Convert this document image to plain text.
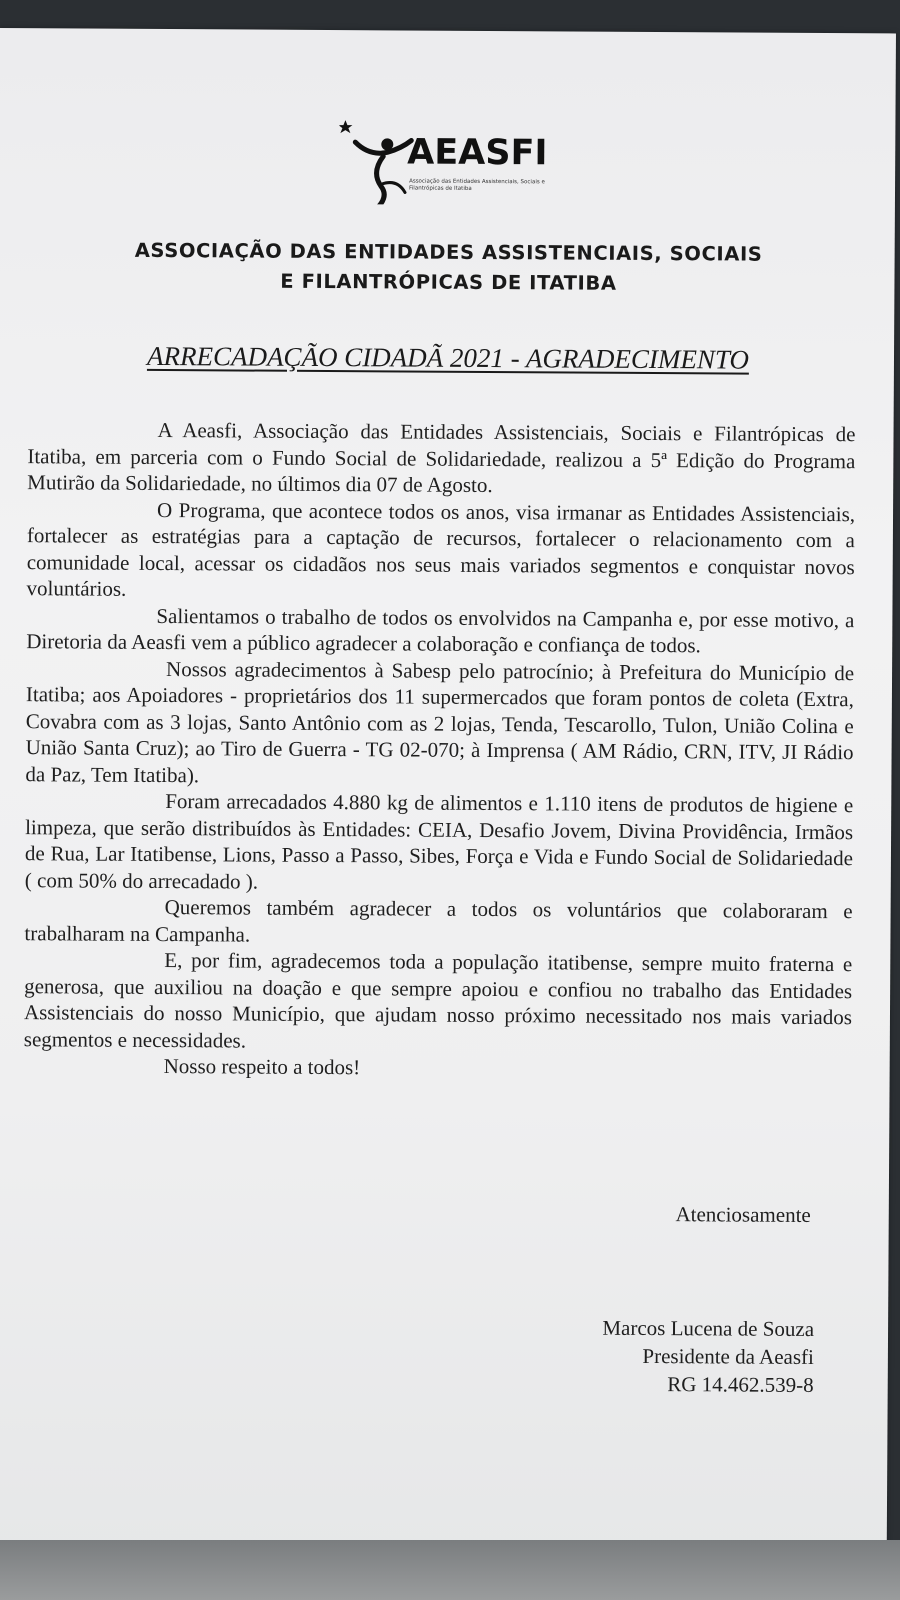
AEASFI
Associação das Entidades Assistenciais, Sociais e Filantrópicas de Itatiba
ASSOCIAÇÃO DAS ENTIDADES ASSISTENCIAIS, SOCIAIS
E FILANTRÓPICAS DE ITATIBA
ARRECADAÇÃO CIDADÃ 2021 - AGRADECIMENTO

A Aeasfi, Associação das Entidades Assistenciais, Sociais e Filantrópicas de Itatiba, em parceria com o Fundo Social de Solidariedade, realizou a 5ª Edição do Programa Mutirão da Solidariedade, no últimos dia 07 de Agosto.

O Programa, que acontece todos os anos, visa irmanar as Entidades Assistenciais, fortalecer as estratégias para a captação de recursos, fortalecer o relacionamento com a comunidade local, acessar os cidadãos nos seus mais variados segmentos e conquistar novos voluntários.

Salientamos o trabalho de todos os envolvidos na Campanha e, por esse motivo, a Diretoria da Aeasfi vem a público agradecer a colaboração e confiança de todos.

Nossos agradecimentos à Sabesp pelo patrocínio; à Prefeitura do Município de Itatiba; aos Apoiadores - proprietários dos 11 supermercados que foram pontos de coleta (Extra, Covabra com as 3 lojas, Santo Antônio com as 2 lojas, Tenda, Tescarollo, Tulon, União Colina e União Santa Cruz); ao Tiro de Guerra - TG 02-070; à Imprensa ( AM Rádio, CRN, ITV, JI Rádio da Paz, Tem Itatiba).

Foram arrecadados 4.880 kg de alimentos e 1.110 itens de produtos de higiene e limpeza, que serão distribuídos às Entidades: CEIA, Desafio Jovem, Divina Providência, Irmãos de Rua, Lar Itatibense, Lions, Passo a Passo, Sibes, Força e Vida e Fundo Social de Solidariedade ( com 50% do arrecadado ).

Queremos também agradecer a todos os voluntários que colaboraram e trabalharam na Campanha.

E, por fim, agradecemos toda a população itatibense, sempre muito fraterna e generosa, que auxiliou na doação e que sempre apoiou e confiou no trabalho das Entidades Assistenciais do nosso Município, que ajudam nosso próximo necessitado nos mais variados segmentos e necessidades.

Nosso respeito a todos!

Atenciosamente
Marcos Lucena de Souza
Presidente da Aeasfi
RG 14.462.539-8
